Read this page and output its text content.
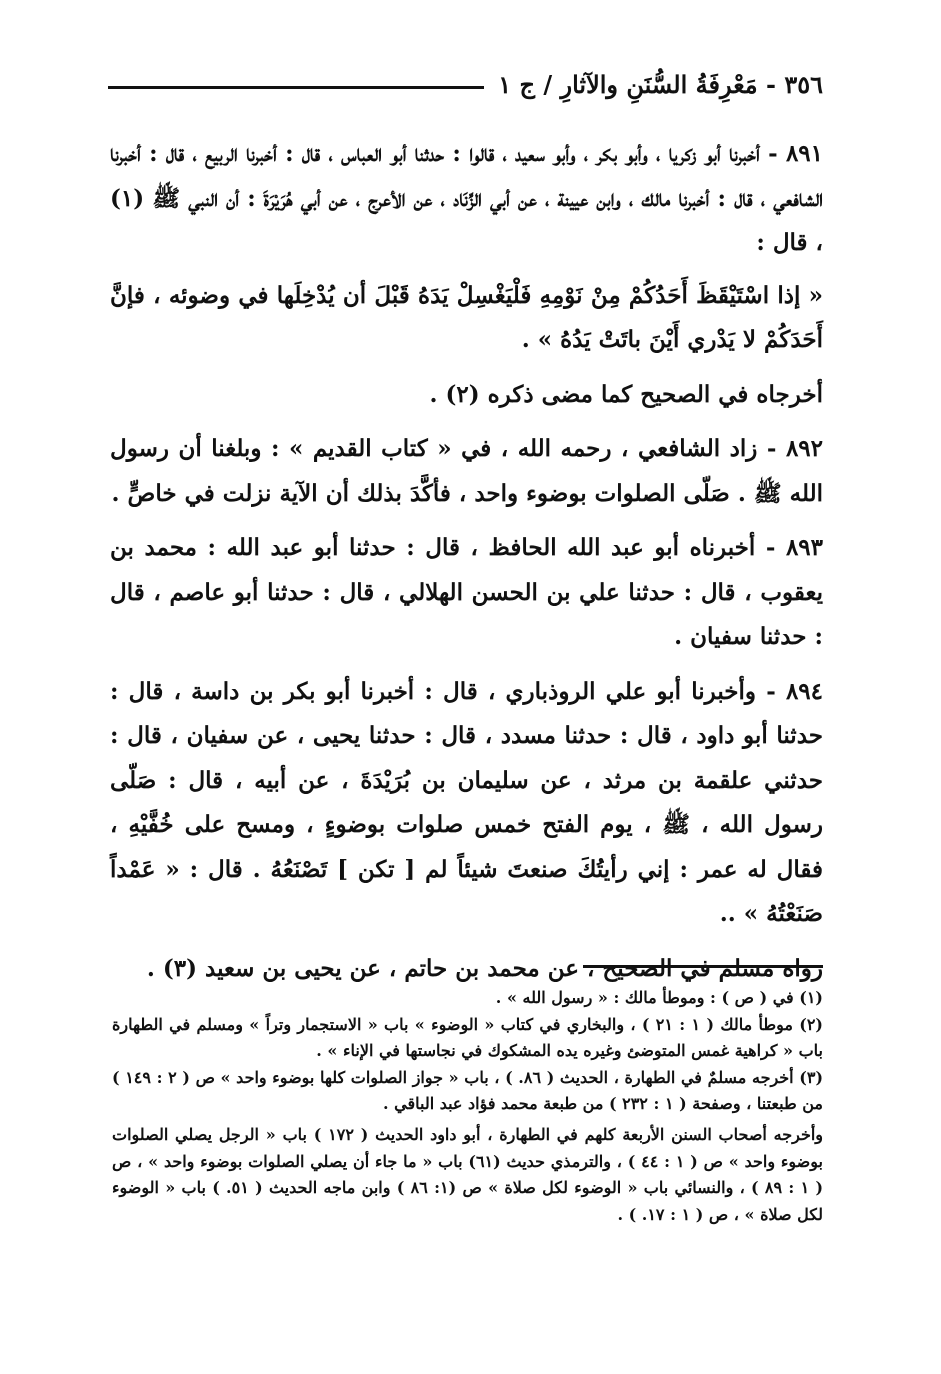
٣٥٦ - مَعْرِفَةُ السُّنَنِ والآثارِ / ج ١

٨٩١ - أخبرنا أبو زكريا ، وأبو بكر ، وأبو سعيد ، قالوا : حدثنا أبو العباس ، قال : أخبرنا الربيع ، قال : أخبرنا الشافعي ، قال : أخبرنا مالك ، وابن عيينة ، عن أبي الزِّنَاد ، عن الأعرج ، عن أبي هُرَيْرَةَ : أن النبي ﷺ (١) ، قال :

« إذا اسْتَيْقَظَ أَحَدُكُمْ مِنْ نَوْمِهِ فَلْيَغْسِلْ يَدَهُ قَبْلَ أن يُدْخِلَها في وضوئه ، فإنَّ أَحَدَكُمْ لا يَدْري أَيْنَ باتَتْ يَدُهُ » .

أخرجاه في الصحيح كما مضى ذكره (٢) .

٨٩٢ - زاد الشافعي ، رحمه الله ، في « كتاب القديم » : وبلغنا أن رسول الله ﷺ . صَلّى الصلوات بوضوء واحد ، فأكَّدَ بذلك أن الآية نزلت في خاصٍّ .

٨٩٣ - أخبرناه أبو عبد الله الحافظ ، قال : حدثنا أبو عبد الله : محمد بن يعقوب ، قال : حدثنا علي بن الحسن الهلالي ، قال : حدثنا أبو عاصم ، قال : حدثنا سفيان .

٨٩٤ - وأخبرنا أبو علي الروذباري ، قال : أخبرنا أبو بكر بن داسة ، قال : حدثنا أبو داود ، قال : حدثنا مسدد ، قال : حدثنا يحيى ، عن سفيان ، قال : حدثني علقمة بن مرثد ، عن سليمان بن بُرَيْدَةَ ، عن أبيه ، قال : صَلّى رسول الله ، ﷺ ، يوم الفتح خمس صلوات بوضوءٍ ، ومسح على خُفَّيْهِ ، فقال له عمر : إني رأيتُكَ صنعتَ شيئاً لم [ تكن ] تَصْنَعُهُ . قال : « عَمْداً صَنَعْتُهُ » ..

رواه مسلم في الصحيح ، عن محمد بن حاتم ، عن يحيى بن سعيد (٣) .

(١) في ( ص ) : وموطأ مالك : « رسول الله » .

(٢) موطأ مالك ( ١ : ٢١ ) ، والبخاري في كتاب « الوضوء » باب « الاستجمار وتراً » ومسلم في الطهارة باب « كراهية غمس المتوضئ وغيره يده المشكوك في نجاستها في الإناء » .

(٣) أخرجه مسلمٌ في الطهارة ، الحديث ( ٨٦. ) ، باب « جواز الصلوات كلها بوضوء واحد » ص ( ٢ : ١٤٩ ) من طبعتنا ، وصفحة ( ١ : ٢٣٢ ) من طبعة محمد فؤاد عبد الباقي .

وأخرجه أصحاب السنن الأربعة كلهم في الطهارة ، أبو داود الحديث ( ١٧٢ ) باب « الرجل يصلي الصلوات بوضوء واحد » ص ( ١ : ٤٤ ) ، والترمذي حديث (٦١) باب « ما جاء أن يصلي الصلوات بوضوء واحد » ، ص ( ١ : ٨٩ ) ، والنسائي باب « الوضوء لكل صلاة » ص (١: ٨٦ ) وابن ماجه الحديث ( ٥١. ) باب « الوضوء لكل صلاة » ، ص ( ١ : ١٧. ) .
